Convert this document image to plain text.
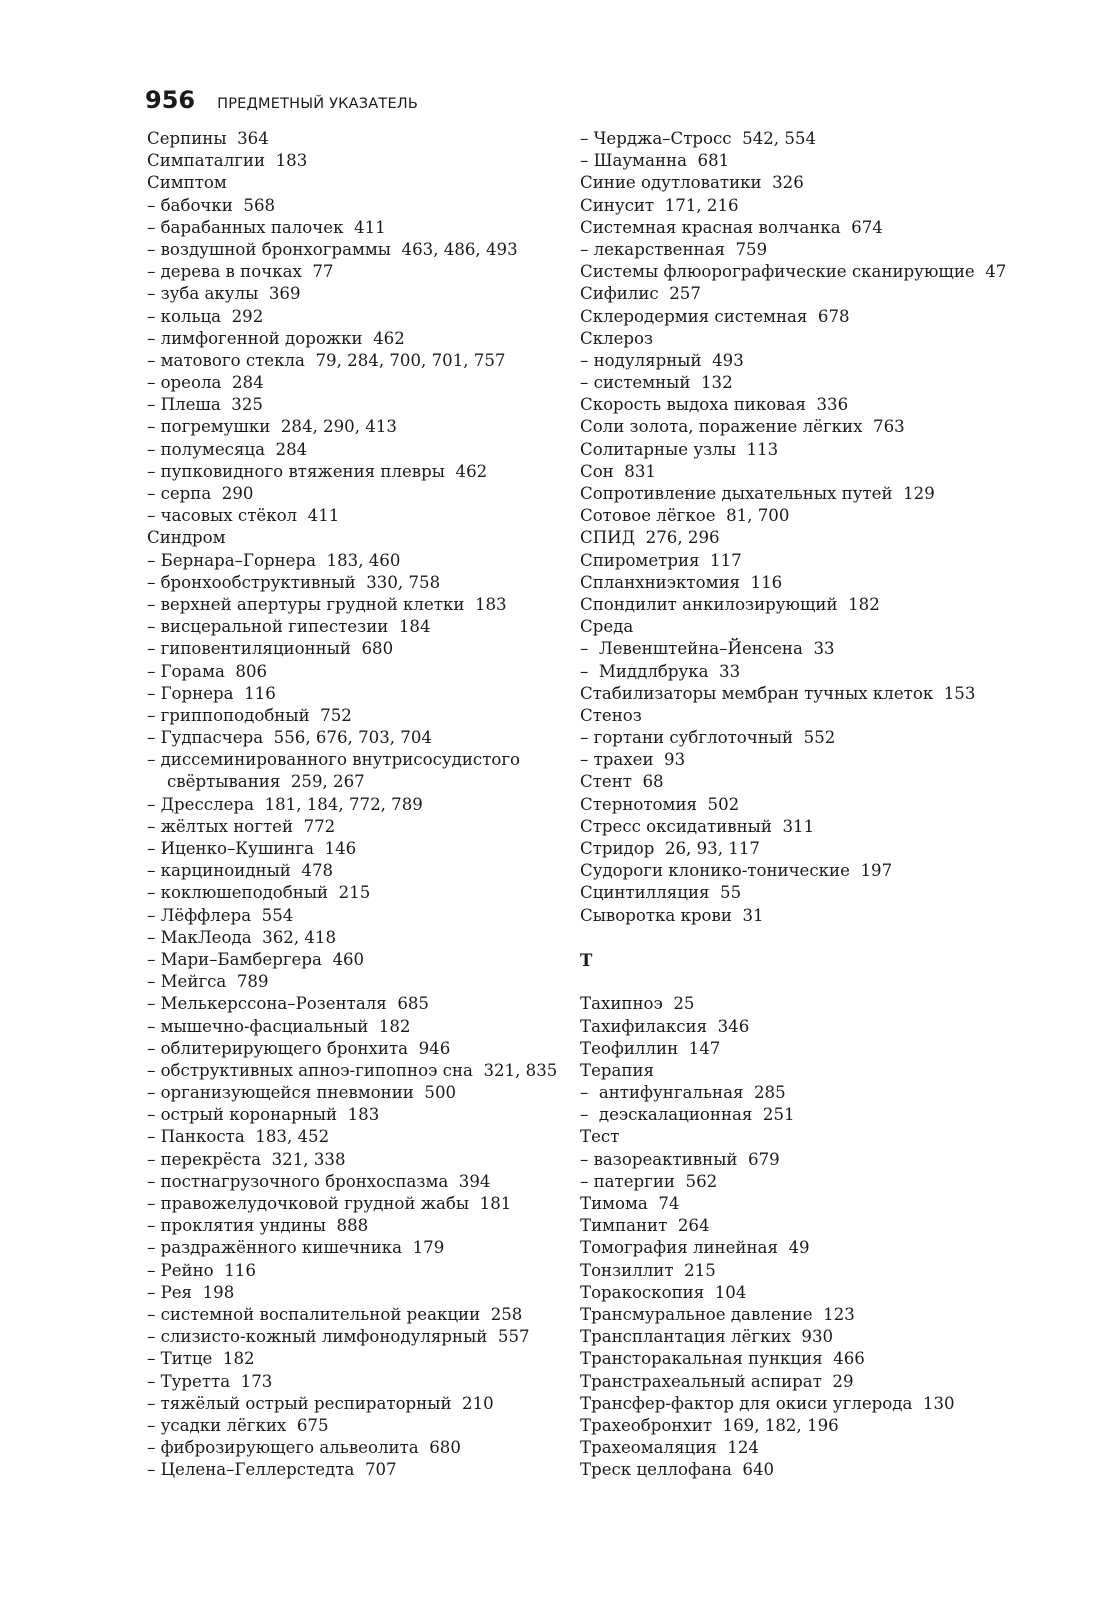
956 ПРЕДМЕТНЫЙ УКАЗАТЕЛЬ
Серпины  364
Симпаталгии  183
Симптом
– бабочки  568
– барабанных палочек  411
– воздушной бронхограммы  463, 486, 493
– дерева в почках  77
– зуба акулы  369
– кольца  292
– лимфогенной дорожки  462
– матового стекла  79, 284, 700, 701, 757
– ореола  284
– Плеша  325
– погремушки  284, 290, 413
– полумесяца  284
– пупковидного втяжения плевры  462
– серпа  290
– часовых стёкол  411
Синдром
– Бернара–Горнера  183, 460
– бронхообструктивный  330, 758
– верхней апертуры грудной клетки  183
– висцеральной гипестезии  184
– гиповентиляционный  680
– Горама  806
– Горнера  116
– гриппоподобный  752
– Гудпасчера  556, 676, 703, 704
– диссеминированного внутрисосудистого
свёртывания  259, 267
– Дресслера  181, 184, 772, 789
– жёлтых ногтей  772
– Иценко–Кушинга  146
– карциноидный  478
– коклюшеподобный  215
– Лёффлера  554
– МакЛеода  362, 418
– Мари–Бамбергера  460
– Мейгса  789
– Мелькерссона–Розенталя  685
– мышечно-фасциальный  182
– облитерирующего бронхита  946
– обструктивных апноэ-гипопноэ сна  321, 835
– организующейся пневмонии  500
– острый коронарный  183
– Панкоста  183, 452
– перекрёста  321, 338
– постнагрузочного бронхоспазма  394
– правожелудочковой грудной жабы  181
– проклятия ундины  888
– раздражённого кишечника  179
– Рейно  116
– Рея  198
– системной воспалительной реакции  258
– слизисто-кожный лимфонодулярный  557
– Титце  182
– Туретта  173
– тяжёлый острый респираторный  210
– усадки лёгких  675
– фиброзирующего альвеолита  680
– Целена–Геллерстедта  707
– Черджа–Стросс  542, 554
– Шауманна  681
Синие одутловатики  326
Синусит  171, 216
Системная красная волчанка  674
– лекарственная  759
Системы флюорографические сканирующие  47
Сифилис  257
Склеродермия системная  678
Склероз
– нодулярный  493
– системный  132
Скорость выдоха пиковая  336
Соли золота, поражение лёгких  763
Солитарные узлы  113
Сон  831
Сопротивление дыхательных путей  129
Сотовое лёгкое  81, 700
СПИД  276, 296
Спирометрия  117
Спланхниэктомия  116
Спондилит анкилозирующий  182
Среда
–  Левенштейна–Йенсена  33
–  Миддлбрука  33
Стабилизаторы мембран тучных клеток  153
Стеноз
– гортани субглоточный  552
– трахеи  93
Стент  68
Стернотомия  502
Стресс оксидативный  311
Стридор  26, 93, 117
Судороги клонико-тонические  197
Сцинтилляция  55
Сыворотка крови  31
Т
Тахипноэ  25
Тахифилаксия  346
Теофиллин  147
Терапия
–  антифунгальная  285
–  деэскалационная  251
Тест
– вазореактивный  679
– патергии  562
Тимома  74
Тимпанит  264
Томография линейная  49
Тонзиллит  215
Торакоскопия  104
Трансмуральное давление  123
Трансплантация лёгких  930
Трансторакальная пункция  466
Транстрахеальный аспират  29
Трансфер-фактор для окиси углерода  130
Трахеобронхит  169, 182, 196
Трахеомаляция  124
Треск целлофана  640
